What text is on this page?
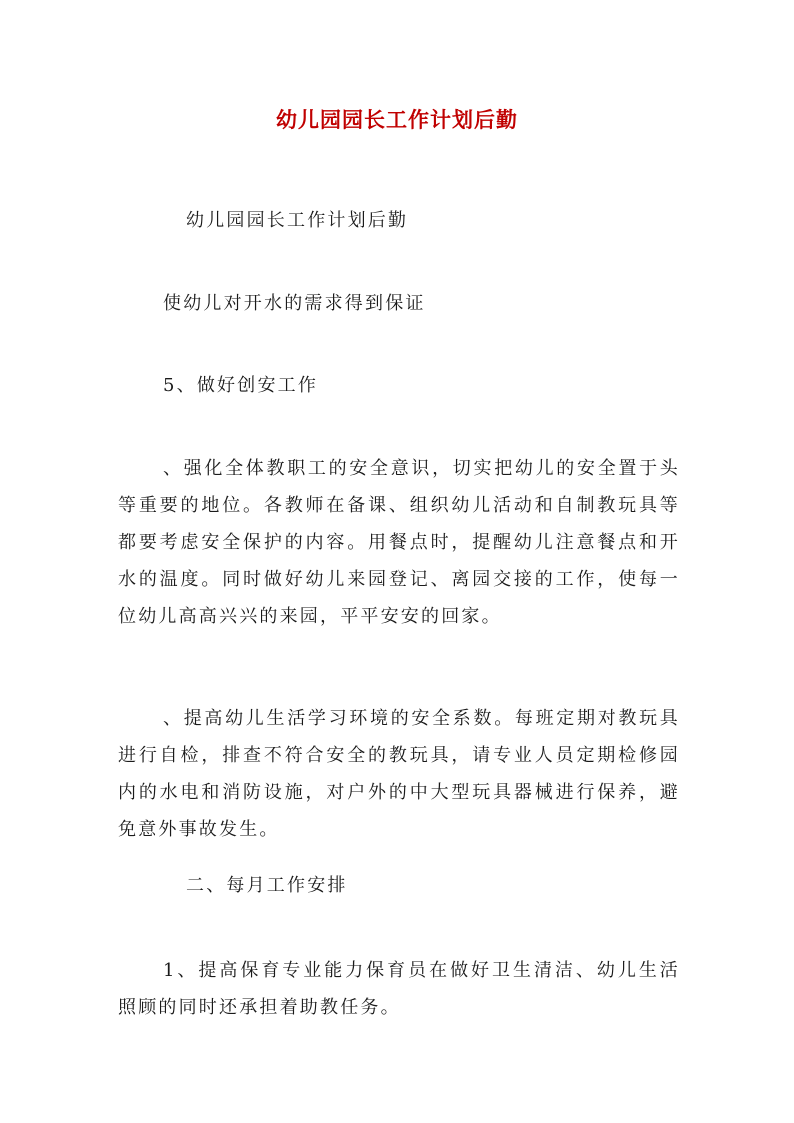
幼儿园园长工作计划后勤

幼儿园园长工作计划后勤

使幼儿对开水的需求得到保证

5、做好创安工作

、强化全体教职工的安全意识，切实把幼儿的安全置于头等重要的地位。各教师在备课、组织幼儿活动和自制教玩具等都要考虑安全保护的内容。用餐点时，提醒幼儿注意餐点和开水的温度。同时做好幼儿来园登记、离园交接的工作，使每一位幼儿高高兴兴的来园，平平安安的回家。

、提高幼儿生活学习环境的安全系数。每班定期对教玩具进行自检，排查不符合安全的教玩具，请专业人员定期检修园内的水电和消防设施，对户外的中大型玩具器械进行保养，避免意外事故发生。

二、每月工作安排

1、提高保育专业能力保育员在做好卫生清洁、幼儿生活照顾的同时还承担着助教任务。
